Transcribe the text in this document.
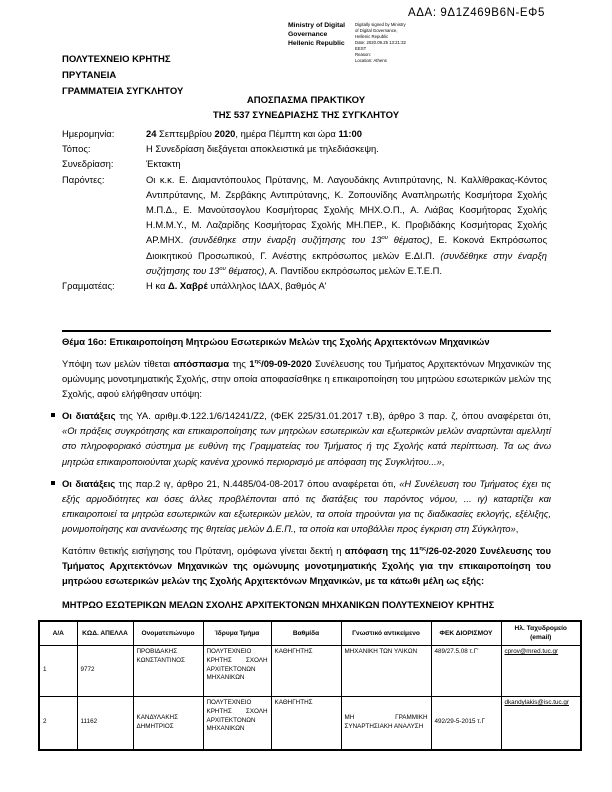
ΑΔΑ: 9Δ1Ζ469Β6Ν-ΕΦ5
Ministry of Digital
Governance
Hellenic Republic
Digitally signed by Ministry
of Digital Governance,
Hellenic Republic
Date: 2020.09.25 13:21:32
EEST
Reason:
Location: Athens
ΠΟΛΥΤΕΧΝΕΙΟ ΚΡΗΤΗΣ
ΠΡΥΤΑΝΕΙΑ
ΓΡΑΜΜΑΤΕΙΑ ΣΥΓΚΛΗΤΟΥ
ΑΠΟΣΠΑΣΜΑ ΠΡΑΚΤΙΚΟΥ
ΤΗΣ 537 ΣΥΝΕΔΡΙΑΣΗΣ ΤΗΣ ΣΥΓΚΛΗΤΟΥ
Ημερομηνία:	24 Σεπτεμβρίου 2020, ημέρα Πέμπτη και ώρα 11:00
Τόπος:	Η Συνεδρίαση διεξάγεται αποκλειστικά με τηλεδιάσκεψη.
Συνεδρίαση:	Έκτακτη
Παρόντες:	Οι κ.κ. Ε. Διαμαντόπουλος Πρύτανης, Μ. Λαγουδάκης Αντιπρύτανης, Ν. Καλλίθρακας-Κόντος Αντιπρύτανης, Μ. Ζερβάκης Αντιπρύτανης, Κ. Ζοπουνίδης Αναπληρωτής Κοσμήτορα Σχολής Μ.Π.Δ., Ε. Μανούτσογλου Κοσμήτορας Σχολής ΜΗΧ.Ο.Π., Α. Λιάβας Κοσμήτορας Σχολής Η.Μ.Μ.Υ., Μ. Λαζαρίδης Κοσμήτορας Σχολής ΜΗ.ΠΕΡ., Κ. Προβιδάκης Κοσμήτορας Σχολής ΑΡ.ΜΗΧ. (συνδέθηκε στην έναρξη συζήτησης του $13^{o\upsilon}$ θέματος), Ε. Κοκονά Εκπρόσωπος Διοικητικού Προσωπικού, Γ. Ανέστης εκπρόσωπος μελών Ε.ΔΙ.Π. (συνδέθηκε στην έναρξη συζήτησης του $13^{o\upsilon}$ θέματος), Α. Παντίδου εκπρόσωπος μελών Ε.Τ.Ε.Π.
Γραμματέας:	Η κα Δ. Χαβρέ υπάλληλος ΙΔΑΧ, βαθμός Α'
Θέμα 16ο: Επικαιροποίηση Μητρώου Εσωτερικών Μελών της Σχολής Αρχιτεκτόνων Μηχανικών

Υπόψη των μελών τίθεται απόσπασμα της $1^{\eta\varsigma}/09-09-2020$ Συνέλευσης του Τμήματος Αρχιτεκτόνων Μηχανικών της ομώνυμης μονοτμηματικής Σχολής, στην οποία αποφασίσθηκε η επικαιροποίηση του μητρώου εσωτερικών μελών της Σχολής, αφού ελήφθησαν υπόψη:

Οι διατάξεις της ΥΑ. αριθμ.Φ.122.1/6/14241/Ζ2, (ΦΕΚ 225/31.01.2017 τ.Β), άρθρο 3 παρ. ζ, όπου αναφέρεται ότι, «Οι πράξεις συγκρότησης και επικαιροποίησης των μητρώων εσωτερικών και εξωτερικών μελών αναρτώνται αμελλητί στο πληροφοριακό σύστημα με ευθύνη της Γραμματείας του Τμήματος ή της Σχολής κατά περίπτωση. Τα ως άνω μητρώα επικαιροποιούνται χωρίς κανένα χρονικό περιορισμό με απόφαση της Συγκλήτου...»,
Οι διατάξεις της παρ.2 ιγ, άρθρο 21, Ν.4485/04-08-2017 όπου αναφέρεται ότι, «Η Συνέλευση του Τμήματος έχει τις εξής αρμοδιότητες και όσες άλλες προβλέπονται από τις διατάξεις του παρόντος νόμου, ... ιγ) καταρτίζει και επικαιροποιεί τα μητρώα εσωτερικών και εξωτερικών μελών, τα οποία τηρούνται για τις διαδικασίες εκλογής, εξέλιξης, μονιμοποίησης και ανανέωσης της θητείας μελών Δ.Ε.Π., τα οποία και υποβάλλει προς έγκριση στη Σύγκλητο»,

Κατόπιν θετικής εισήγησης του Πρύτανη, ομόφωνα γίνεται δεκτή η απόφαση της $11^{\eta\varsigma}/26-02-2020$ Συνέλευσης του Τμήματος Αρχιτεκτόνων Μηχανικών της ομώνυμης μονοτμηματικής Σχολής για την επικαιροποίηση του μητρώου εσωτερικών μελών της Σχολής Αρχιτεκτόνων Μηχανικών, με τα κάτωθι μέλη ως εξής:

ΜΗΤΡΩΟ ΕΣΩΤΕΡΙΚΩΝ ΜΕΛΩΝ ΣΧΟΛΗΣ ΑΡΧΙΤΕΚΤΟΝΩΝ ΜΗΧΑΝΙΚΩΝ ΠΟΛΥΤΕΧΝΕΙΟΥ ΚΡΗΤΗΣ
Α/Α	ΚΩΔ. ΑΠΕΛΛΑ	Ονοματεπώνυμο	Ίδρυμα Τμήμα	Βαθμίδα	Γνωστικό αντικείμενο	ΦΕΚ ΔΙΟΡΙΣΜΟΥ	Ηλ. Ταχυδρομείο (email)
1	9772	ΠΡΟΒΙΔΑΚΗΣ ΚΩΝΣΤΑΝΤΙΝΟΣ	ΠΟΛΥΤΕΧΝΕΙΟ ΚΡΗΤΗΣ ΣΧΟΛΗ ΑΡΧΙΤΕΚΤΟΝΩΝ ΜΗΧΑΝΙΚΩΝ	ΚΑΘΗΓΗΤΗΣ	ΜΗΧΑΝΙΚΗ ΤΩΝ ΥΛΙΚΩΝ	489/27.5.08 τ.Γ'	cprov@mred.tuc.gr
2	11162	ΚΑΝΔΥΛΑΚΗΣ ΔΗΜΗΤΡΙΟΣ	ΠΟΛΥΤΕΧΝΕΙΟ ΚΡΗΤΗΣ ΣΧΟΛΗ ΑΡΧΙΤΕΚΤΟΝΩΝ ΜΗΧΑΝΙΚΩΝ	ΚΑΘΗΓΗΤΗΣ	ΜΗ ΓΡΑΜΜΙΚΗ ΣΥΝΑΡΤΗΣΙΑΚΗ ΑΝΑΛΥΣΗ	492/29-5-2015 τ.Γ	dkandylakis@isc.tuc.gr
